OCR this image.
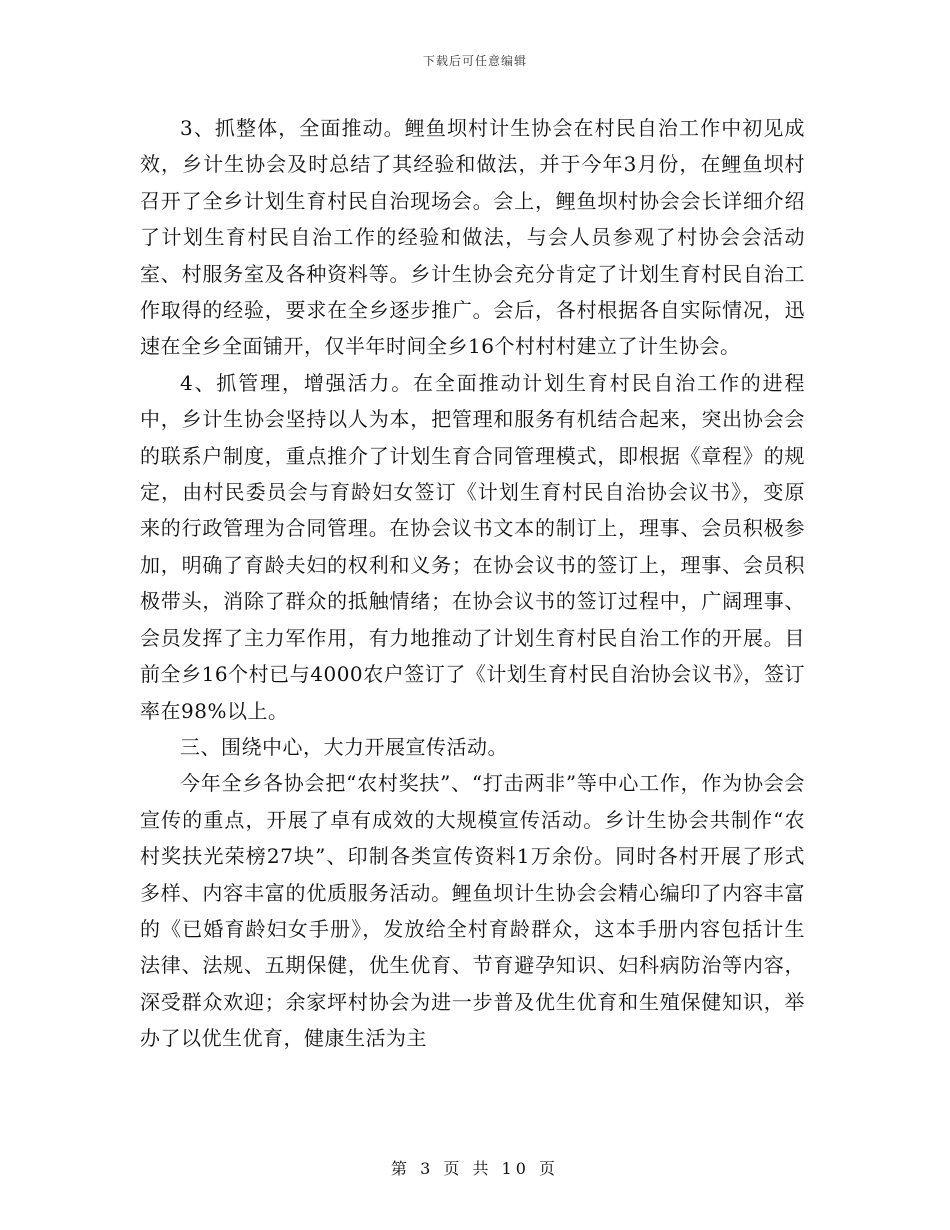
下载后可任意编辑

3、抓整体，全面推动。鲤鱼坝村计生协会在村民自治工作中初见成效，乡计生协会及时总结了其经验和做法，并于今年3月份，在鲤鱼坝村召开了全乡计划生育村民自治现场会。会上，鲤鱼坝村协会会长详细介绍了计划生育村民自治工作的经验和做法，与会人员参观了村协会会活动室、村服务室及各种资料等。乡计生协会充分肯定了计划生育村民自治工作取得的经验，要求在全乡逐步推广。会后，各村根据各自实际情况，迅速在全乡全面铺开，仅半年时间全乡16个村村村建立了计生协会。

4、抓管理，增强活力。在全面推动计划生育村民自治工作的进程中，乡计生协会坚持以人为本，把管理和服务有机结合起来，突出协会会的联系户制度，重点推介了计划生育合同管理模式，即根据《章程》的规定，由村民委员会与育龄妇女签订《计划生育村民自治协会议书》，变原来的行政管理为合同管理。在协会议书文本的制订上，理事、会员积极参加，明确了育龄夫妇的权利和义务；在协会议书的签订上，理事、会员积极带头，消除了群众的抵触情绪；在协会议书的签订过程中，广阔理事、会员发挥了主力军作用，有力地推动了计划生育村民自治工作的开展。目前全乡16个村已与4000农户签订了《计划生育村民自治协会议书》，签订率在98%以上。

三、围绕中心，大力开展宣传活动。

今年全乡各协会把“农村奖扶”、“打击两非”等中心工作，作为协会会宣传的重点，开展了卓有成效的大规模宣传活动。乡计生协会共制作“农村奖扶光荣榜27块”、印制各类宣传资料1万余份。同时各村开展了形式多样、内容丰富的优质服务活动。鲤鱼坝计生协会会精心编印了内容丰富的《已婚育龄妇女手册》，发放给全村育龄群众，这本手册内容包括计生法律、法规、五期保健，优生优育、节育避孕知识、妇科病防治等内容，深受群众欢迎；余家坪村协会为进一步普及优生优育和生殖保健知识，举办了以优生优育，健康生活为主

第 3 页 共 10 页
